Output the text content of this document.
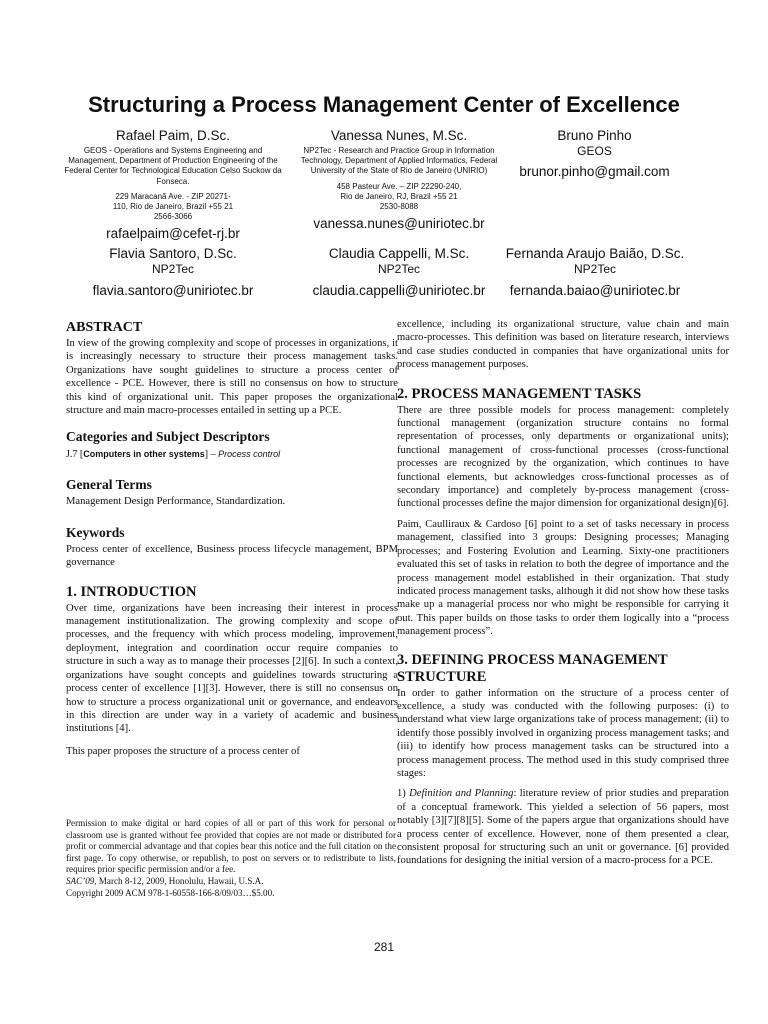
Structuring a Process Management Center of Excellence
Rafael Paim, D.Sc.
GEOS - Operations and Systems Engineering and Management, Department of Production Engineering of the Federal Center for Technological Education Celso Suckow da Fonseca.
229 Maracanã Ave. - ZIP 20271-110, Rio de Janeiro, Brazil +55 21 2566-3066
rafaelpaim@cefet-rj.br
Vanessa Nunes, M.Sc.
NP2Tec - Research and Practice Group in Information Technology, Department of Applied Informatics, Federal University of the State of Rio de Janeiro (UNIRIO)
458 Pasteur Ave. – ZIP 22290-240, Rio de Janeiro, RJ, Brazil +55 21 2530-8088
vanessa.nunes@uniriotec.br
Bruno Pinho
GEOS
brunor.pinho@gmail.com
Flavia Santoro, D.Sc.
NP2Tec
flavia.santoro@uniriotec.br
Claudia Cappelli, M.Sc.
NP2Tec
claudia.cappelli@uniriotec.br
Fernanda Araujo Baião, D.Sc.
NP2Tec
fernanda.baiao@uniriotec.br
ABSTRACT

In view of the growing complexity and scope of processes in organizations, it is increasingly necessary to structure their process management tasks. Organizations have sought guidelines to structure a process center of excellence - PCE. However, there is still no consensus on how to structure this kind of organizational unit. This paper proposes the organizational structure and main macro-processes entailed in setting up a PCE.

Categories and Subject Descriptors
J.7 [Computers in other systems] – Process control
General Terms

Management Design Performance, Standardization.

Keywords

Process center of excellence, Business process lifecycle management, BPM governance

1. INTRODUCTION

Over time, organizations have been increasing their interest in process management institutionalization. The growing complexity and scope of processes, and the frequency with which process modeling, improvement, deployment, integration and coordination occur require companies to structure in such a way as to manage their processes [2][6]. In such a context, organizations have sought concepts and guidelines towards structuring a process center of excellence [1][3]. However, there is still no consensus on how to structure a process organizational unit or governance, and endeavors in this direction are under way in a variety of academic and business institutions [4].

This paper proposes the structure of a process center of

Permission to make digital or hard copies of all or part of this work for personal or classroom use is granted without fee provided that copies are not made or distributed for profit or commercial advantage and that copies bear this notice and the full citation on the first page. To copy otherwise, or republish, to post on servers or to redistribute to lists, requires prior specific permission and/or a fee.

SAC’09, March 8-12, 2009, Honolulu, Hawaii, U.S.A.
Copyright 2009 ACM 978-1-60558-166-8/09/03…$5.00.

excellence, including its organizational structure, value chain and main macro-processes. This definition was based on literature research, interviews and case studies conducted in companies that have organizational units for process management purposes.

2. PROCESS MANAGEMENT TASKS

There are three possible models for process management: completely functional management (organization structure contains no formal representation of processes, only departments or organizational units); functional management of cross-functional processes (cross-functional processes are recognized by the organization, which continues to have functional elements, but acknowledges cross-functional processes as of secondary importance) and completely by-process management (cross-functional processes define the major dimension for organizational design)[6].

Paim, Caulliraux & Cardoso [6] point to a set of tasks necessary in process management, classified into 3 groups: Designing processes; Managing processes; and Fostering Evolution and Learning. Sixty-one practitioners evaluated this set of tasks in relation to both the degree of importance and the process management model established in their organization. That study indicated process management tasks, although it did not show how these tasks make up a managerial process nor who might be responsible for carrying it out. This paper builds on those tasks to order them logically into a “process management process”.

3. DEFINING PROCESS MANAGEMENT
STRUCTURE

In order to gather information on the structure of a process center of excellence, a study was conducted with the following purposes: (i) to understand what view large organizations take of process management; (ii) to identify those possibly involved in organizing process management tasks; and (iii) to identify how process management tasks can be structured into a process management process. The method used in this study comprised three stages:

1) Definition and Planning: literature review of prior studies and preparation of a conceptual framework. This yielded a selection of 56 papers, most notably [3][7][8][5]. Some of the papers argue that organizations should have a process center of excellence. However, none of them presented a clear, consistent proposal for structuring such an unit or governance. [6] provided foundations for designing the initial version of a macro-process for a PCE.

281
